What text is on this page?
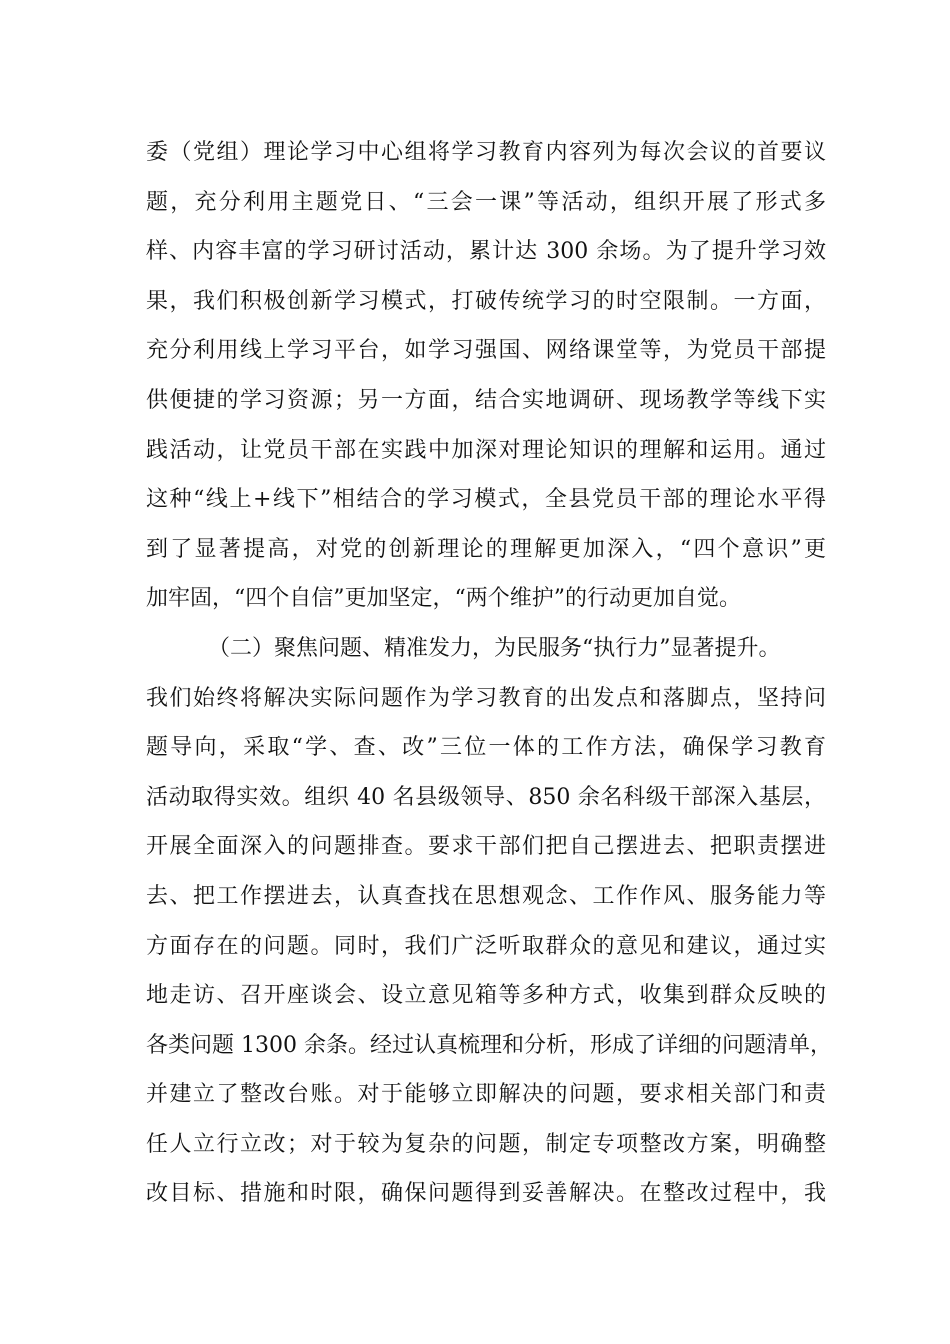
委（党组）理论学习中心组将学习教育内容列为每次会议的首要议
题，充分利用主题党日、“三会一课”等活动，组织开展了形式多
样、内容丰富的学习研讨活动，累计达 300 余场。为了提升学习效
果，我们积极创新学习模式，打破传统学习的时空限制。一方面，
充分利用线上学习平台，如学习强国、网络课堂等，为党员干部提
供便捷的学习资源；另一方面，结合实地调研、现场教学等线下实
践活动，让党员干部在实践中加深对理论知识的理解和运用。通过
这种“线上+线下”相结合的学习模式，全县党员干部的理论水平得
到了显著提高，对党的创新理论的理解更加深入，“四个意识”更
加牢固，“四个自信”更加坚定，“两个维护”的行动更加自觉。
（二）聚焦问题、精准发力，为民服务“执行力”显著提升。
我们始终将解决实际问题作为学习教育的出发点和落脚点，坚持问
题导向，采取“学、查、改”三位一体的工作方法，确保学习教育
活动取得实效。组织 40 名县级领导、850 余名科级干部深入基层，
开展全面深入的问题排查。要求干部们把自己摆进去、把职责摆进
去、把工作摆进去，认真查找在思想观念、工作作风、服务能力等
方面存在的问题。同时，我们广泛听取群众的意见和建议，通过实
地走访、召开座谈会、设立意见箱等多种方式，收集到群众反映的
各类问题 1300 余条。经过认真梳理和分析，形成了详细的问题清单，
并建立了整改台账。对于能够立即解决的问题，要求相关部门和责
任人立行立改；对于较为复杂的问题，制定专项整改方案，明确整
改目标、措施和时限，确保问题得到妥善解决。在整改过程中，我
